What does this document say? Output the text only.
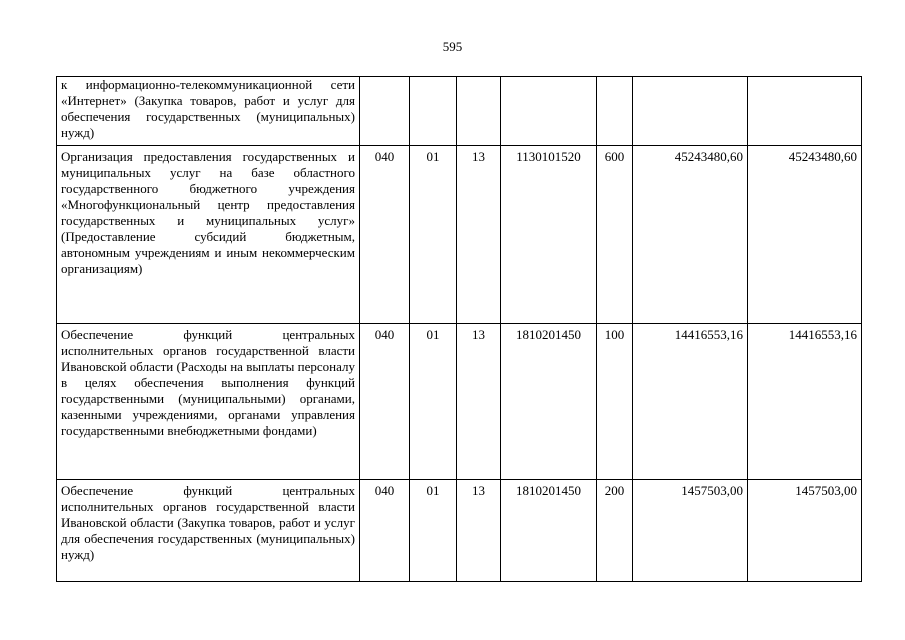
595
к информационно-телекоммуникационной сети «Интернет» (Закупка товаров, работ и услуг для обеспечения государственных (муниципальных) нужд)							
Организация предоставления государственных и муниципальных услуг на базе областного государственного бюджетного учреждения «Многофункциональный центр предоставления государственных и муниципальных услуг» (Предоставление субсидий бюджетным, автономным учреждениям и иным некоммерческим организациям)	040	01	13	1130101520	600	45243480,60	45243480,60
Обеспечение функций центральных исполнительных органов государственной власти Ивановской области (Расходы на выплаты персоналу в целях обеспечения выполнения функций государственными (муниципальными) органами, казенными учреждениями, органами управления государственными внебюджетными фондами)	040	01	13	1810201450	100	14416553,16	14416553,16
Обеспечение функций центральных исполнительных органов государственной власти Ивановской области (Закупка товаров, работ и услуг для обеспечения государственных (муниципальных) нужд)	040	01	13	1810201450	200	1457503,00	1457503,00
